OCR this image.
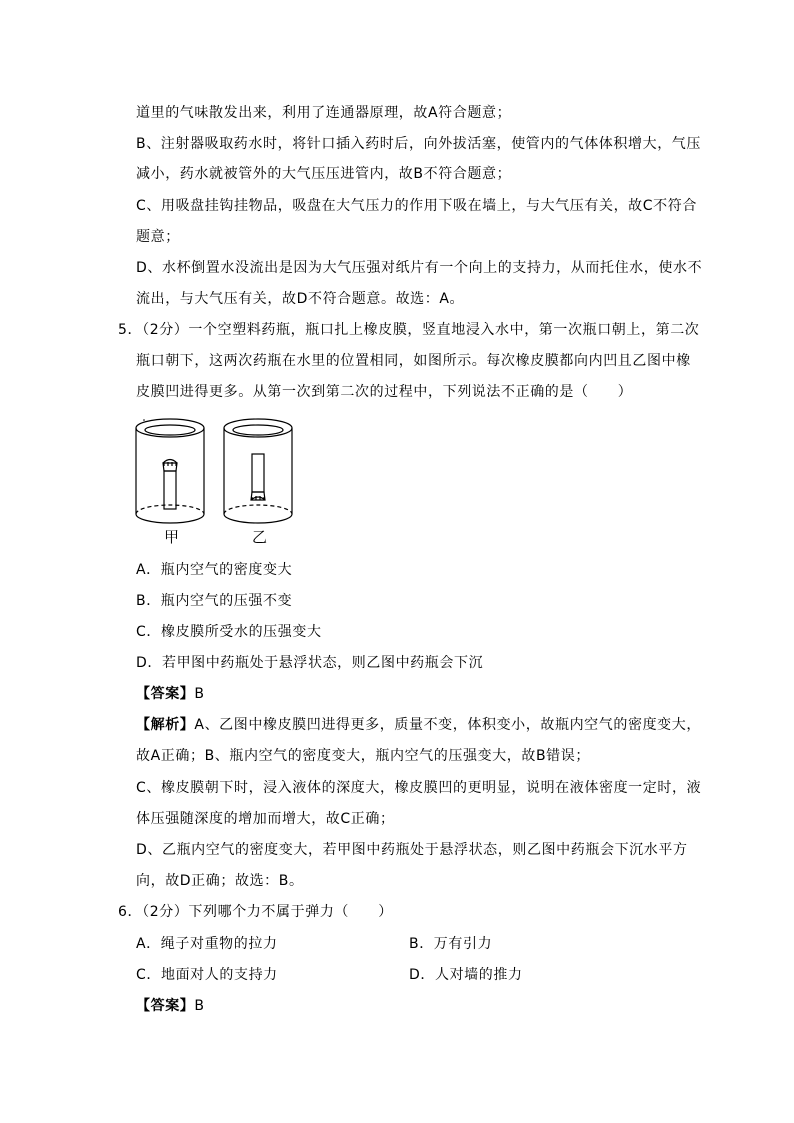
道里的气味散发出来，利用了连通器原理，故A符合题意；
B、注射器吸取药水时，将针口插入药时后，向外拔活塞，使管内的气体体积增大，气压
减小，药水就被管外的大气压压进管内，故B不符合题意；
C、用吸盘挂钩挂物品，吸盘在大气压力的作用下吸在墙上，与大气压有关，故C不符合
题意；
D、水杯倒置水没流出是因为大气压强对纸片有一个向上的支持力，从而托住水，使水不
流出，与大气压有关，故D不符合题意。故选：A。
5．（2分）一个空塑料药瓶，瓶口扎上橡皮膜，竖直地浸入水中，第一次瓶口朝上，第二次
瓶口朝下，这两次药瓶在水里的位置相同，如图所示。每次橡皮膜都向内凹且乙图中橡
皮膜凹进得更多。从第一次到第二次的过程中，下列说法不正确的是（　　）
甲	乙
A．瓶内空气的密度变大
B．瓶内空气的压强不变
C．橡皮膜所受水的压强变大
D．若甲图中药瓶处于悬浮状态，则乙图中药瓶会下沉
【答案】B
【解析】A、乙图中橡皮膜凹进得更多，质量不变，体积变小，故瓶内空气的密度变大，
故A正确；B、瓶内空气的密度变大，瓶内空气的压强变大，故B错误；
C、橡皮膜朝下时，浸入液体的深度大，橡皮膜凹的更明显，说明在液体密度一定时，液
体压强随深度的增加而增大，故C正确；
D、乙瓶内空气的密度变大，若甲图中药瓶处于悬浮状态，则乙图中药瓶会下沉水平方
向，故D正确；故选：B。
6．（2分）下列哪个力不属于弹力（　　）
A．绳子对重物的拉力	B．万有引力
C．地面对人的支持力	D．人对墙的推力
【答案】B
